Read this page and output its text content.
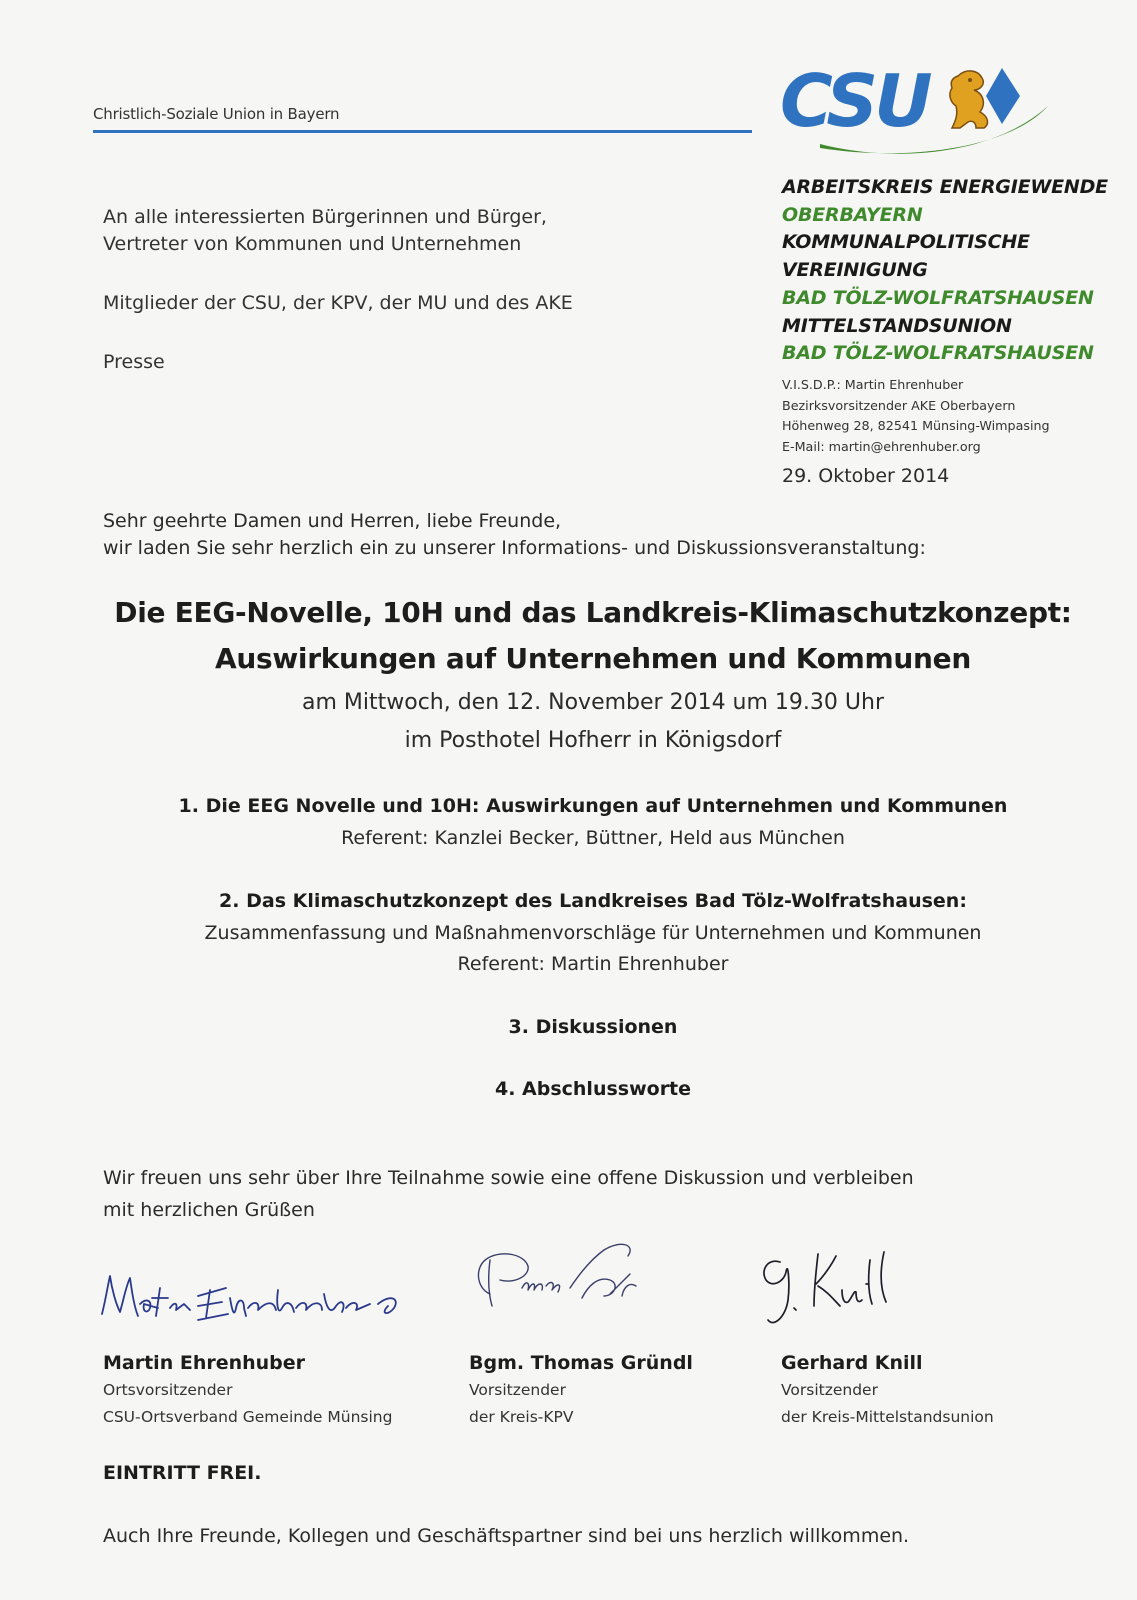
Christlich-Soziale Union in Bayern	CSU
ARBEITSKREIS ENERGIEWENDE
OBERBAYERN
KOMMUNALPOLITISCHE
VEREINIGUNG
BAD TÖLZ-WOLFRATSHAUSEN
MITTELSTANDSUNION
BAD TÖLZ-WOLFRATSHAUSEN
V.I.S.D.P.: Martin Ehrenhuber
Bezirksvorsitzender AKE Oberbayern
Höhenweg 28, 82541 Münsing-Wimpasing
E-Mail: martin@ehrenhuber.org
29. Oktober 2014

An alle interessierten Bürgerinnen und Bürger,

Vertreter von Kommunen und Unternehmen

Mitglieder der CSU, der KPV, der MU und des AKE

Presse

Sehr geehrte Damen und Herren, liebe Freunde,

wir laden Sie sehr herzlich ein zu unserer Informations- und Diskussionsveranstaltung:

Die EEG-Novelle, 10H und das Landkreis-Klimaschutzkonzept:
Auswirkungen auf Unternehmen und Kommunen
am Mittwoch, den 12. November 2014 um 19.30 Uhr
im Posthotel Hofherr in Königsdorf
1. Die EEG Novelle und 10H: Auswirkungen auf Unternehmen und Kommunen
Referent: Kanzlei Becker, Büttner, Held aus München
2. Das Klimaschutzkonzept des Landkreises Bad Tölz-Wolfratshausen:
Zusammenfassung und Maßnahmenvorschläge für Unternehmen und Kommunen
Referent: Martin Ehrenhuber
3. Diskussionen
4. Abschlussworte

Wir freuen uns sehr über Ihre Teilnahme sowie eine offene Diskussion und verbleiben

mit herzlichen Grüßen

Martin Ehrenhuber
Ortsvorsitzender
CSU-Ortsverband Gemeinde Münsing
Bgm. Thomas Gründl
Vorsitzender
der Kreis-KPV
Gerhard Knill
Vorsitzender
der Kreis-Mittelstandsunion
EINTRITT FREI.
Auch Ihre Freunde, Kollegen und Geschäftspartner sind bei uns herzlich willkommen.
